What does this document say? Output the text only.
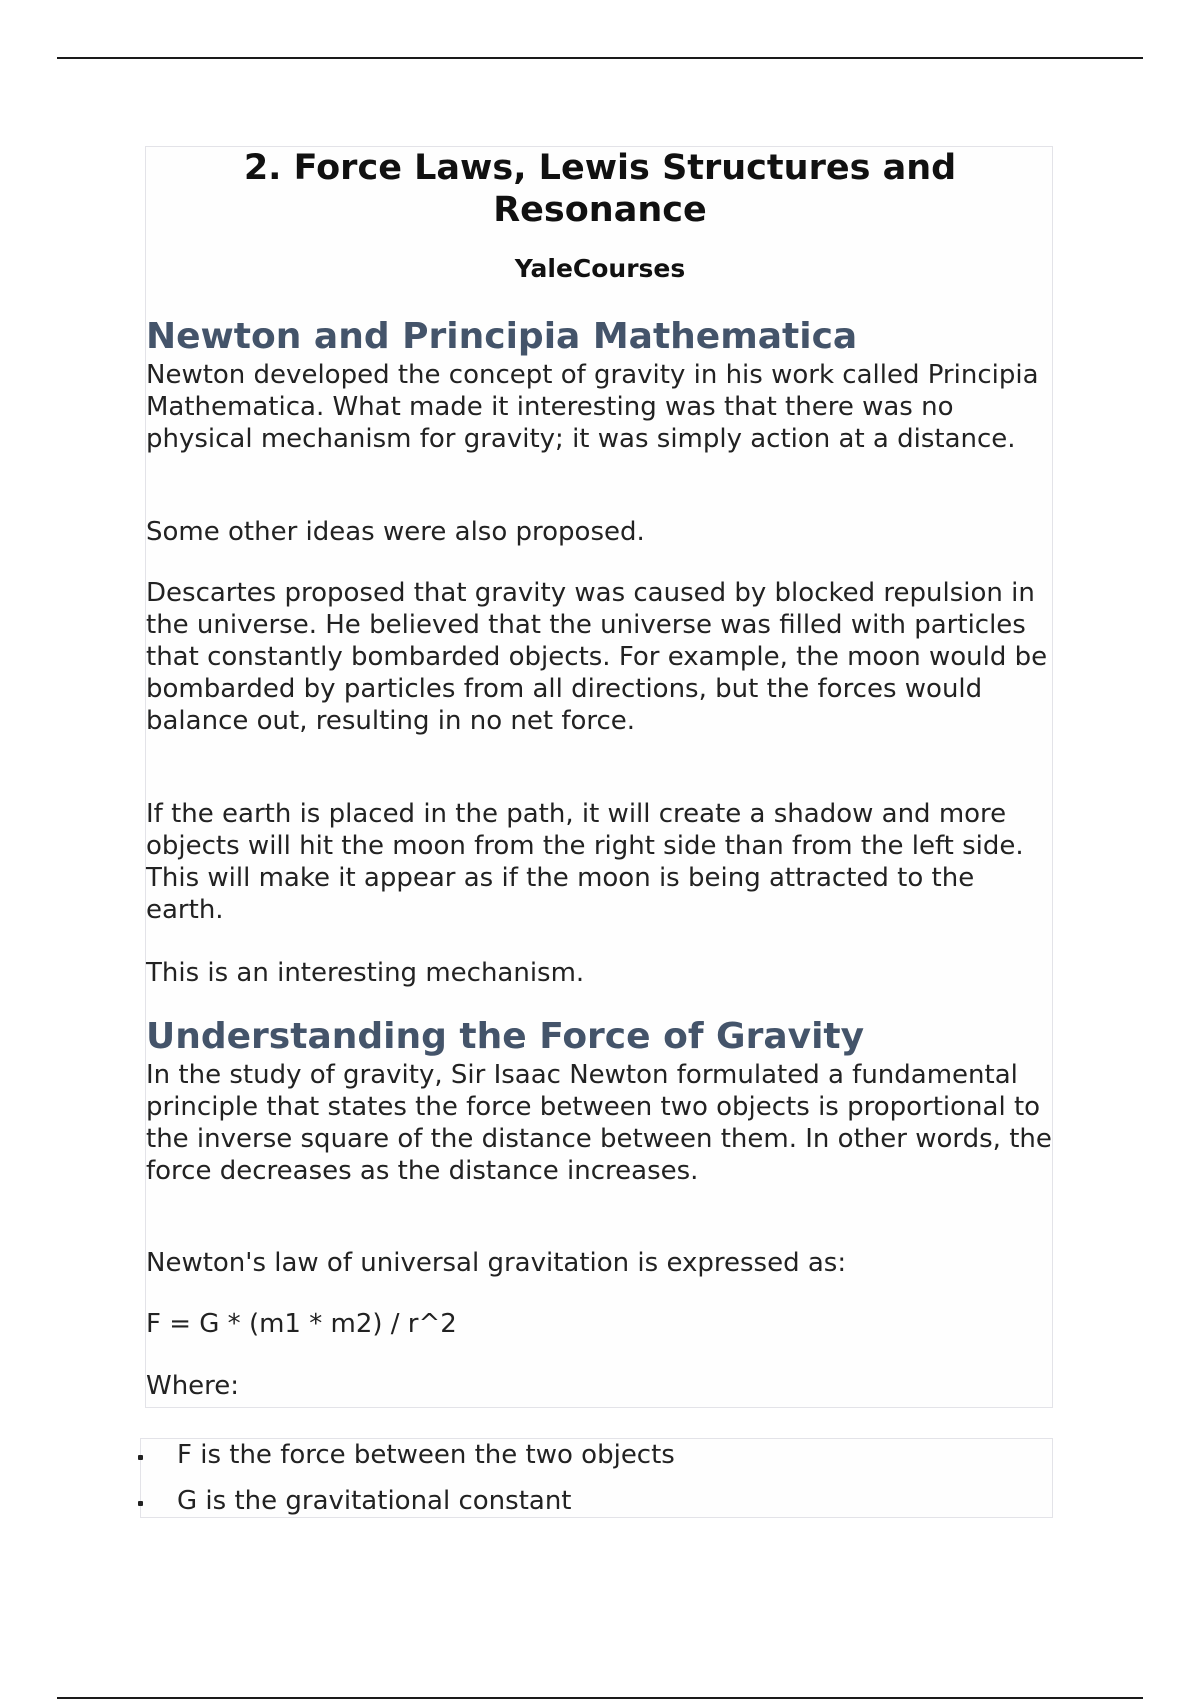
2. Force Laws, Lewis Structures and Resonance
YaleCourses
Newton and Principia Mathematica

Newton developed the concept of gravity in his work called Principia Mathematica. What made it interesting was that there was no physical mechanism for gravity; it was simply action at a distance.

Some other ideas were also proposed.

Descartes proposed that gravity was caused by blocked repulsion in the universe. He believed that the universe was filled with particles that constantly bombarded objects. For example, the moon would be bombarded by particles from all directions, but the forces would balance out, resulting in no net force.

If the earth is placed in the path, it will create a shadow and more objects will hit the moon from the right side than from the left side. This will make it appear as if the moon is being attracted to the earth.

This is an interesting mechanism.

Understanding the Force of Gravity

In the study of gravity, Sir Isaac Newton formulated a fundamental principle that states the force between two objects is proportional to the inverse square of the distance between them. In other words, the force decreases as the distance increases.

Newton's law of universal gravitation is expressed as:

F = G * (m1 * m2) / r^2

Where:

F is the force between the two objects
G is the gravitational constant
